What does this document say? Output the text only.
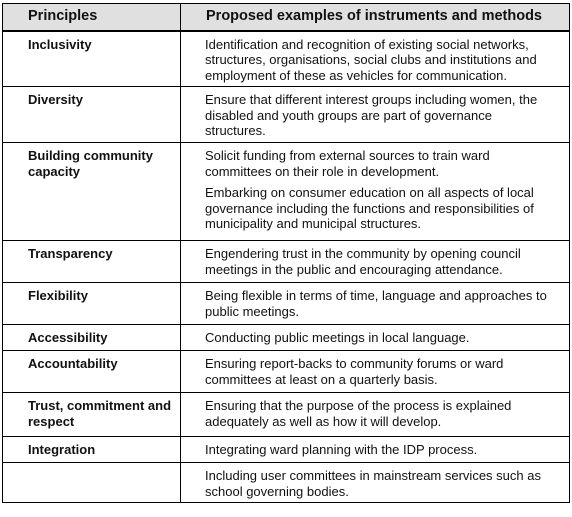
Principles	Proposed examples of instruments and methods
Inclusivity	Identification and recognition of existing social networks, structures, organisations, social clubs and institutions and employment of these as vehicles for communication.

Diversity	Ensure that different interest groups including women, the disabled and youth groups are part of governance structures.

Building community capacity	Solicit funding from external sources to train ward committees on their role in development.
Embarking on consumer education on all aspects of local governance including the functions and responsibilities of municipality and municipal structures.

Transparency	Engendering trust in the community by opening council meetings in the public and encouraging attendance.

Flexibility	Being flexible in terms of time, language and approaches to public meetings.

Accessibility	Conducting public meetings in local language.

Accountability	Ensuring report-backs to community forums or ward committees at least on a quarterly basis.

Trust, commitment and respect	Ensuring that the purpose of the process is explained adequately as well as how it will develop.

Integration	Integrating ward planning with the IDP process.

	Including user committees in mainstream services such as school governing bodies.
